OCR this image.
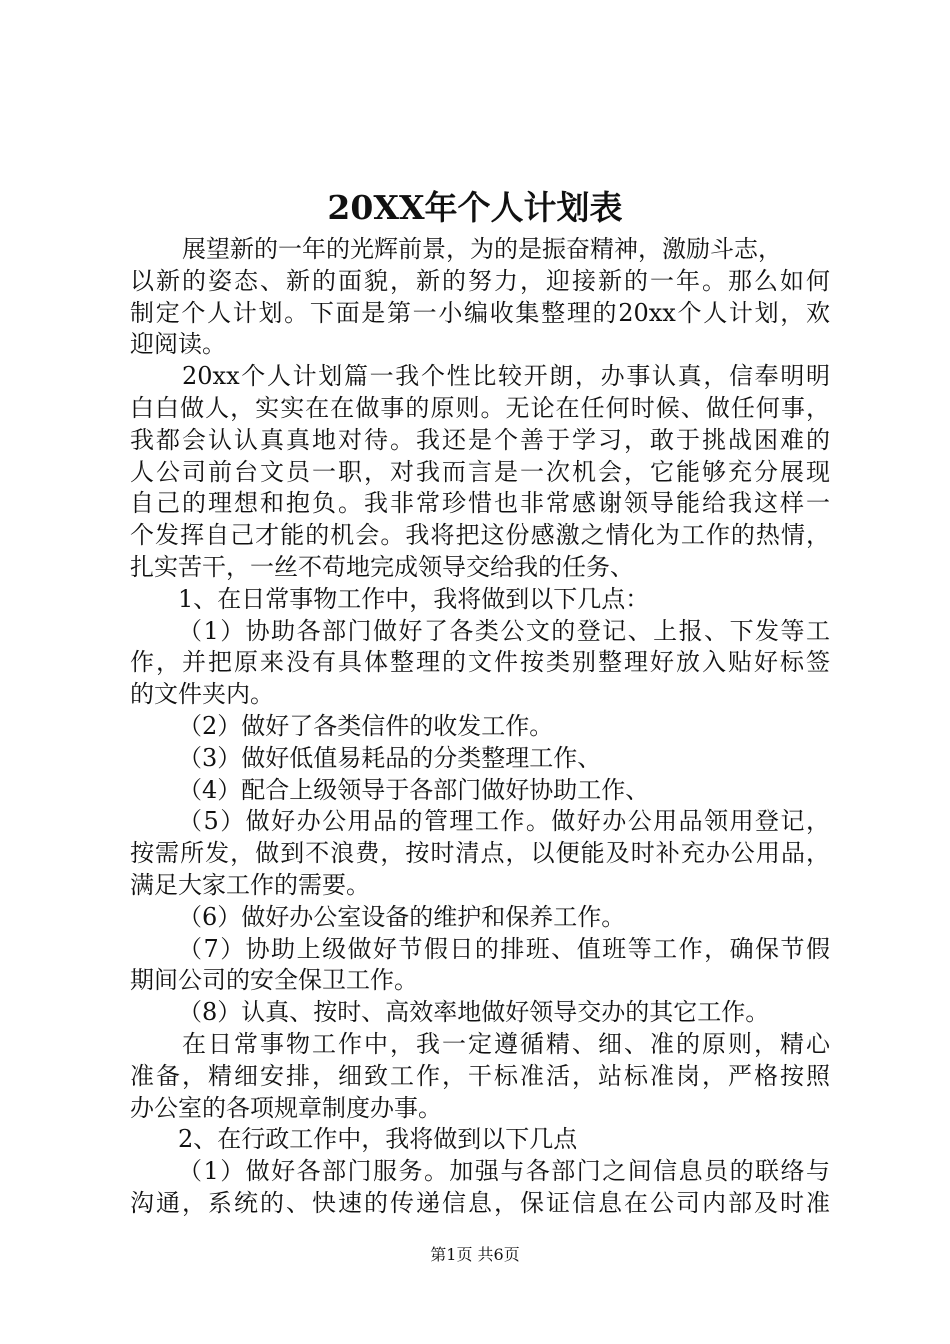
20XX年个人计划表
展望新的一年的光辉前景，为的是振奋精神，激励斗志，
以新的姿态、新的面貌，新的努力，迎接新的一年。那么如何
制定个人计划。下面是第一小编收集整理的20xx个人计划，欢
迎阅读。
20xx个人计划篇一我个性比较开朗，办事认真，信奉明明
白白做人，实实在在做事的原则。无论在任何时候、做任何事，
我都会认认真真地对待。我还是个善于学习，敢于挑战困难的
人公司前台文员一职，对我而言是一次机会，它能够充分展现
自己的理想和抱负。我非常珍惜也非常感谢领导能给我这样一
个发挥自己才能的机会。我将把这份感激之情化为工作的热情，
扎实苦干，一丝不苟地完成领导交给我的任务、
1、在日常事物工作中，我将做到以下几点：
（1）协助各部门做好了各类公文的登记、上报、下发等工
作，并把原来没有具体整理的文件按类别整理好放入贴好标签
的文件夹内。
（2）做好了各类信件的收发工作。
（3）做好低值易耗品的分类整理工作、
（4）配合上级领导于各部门做好协助工作、
（5）做好办公用品的管理工作。做好办公用品领用登记，
按需所发，做到不浪费，按时清点，以便能及时补充办公用品，
满足大家工作的需要。
（6）做好办公室设备的维护和保养工作。
（7）协助上级做好节假日的排班、值班等工作，确保节假
期间公司的安全保卫工作。
（8）认真、按时、高效率地做好领导交办的其它工作。
在日常事物工作中，我一定遵循精、细、准的原则，精心
准备，精细安排，细致工作，干标准活，站标准岗，严格按照
办公室的各项规章制度办事。
2、在行政工作中，我将做到以下几点
（1）做好各部门服务。加强与各部门之间信息员的联络与
沟通，系统的、快速的传递信息，保证信息在公司内部及时准
第1页 共6页
